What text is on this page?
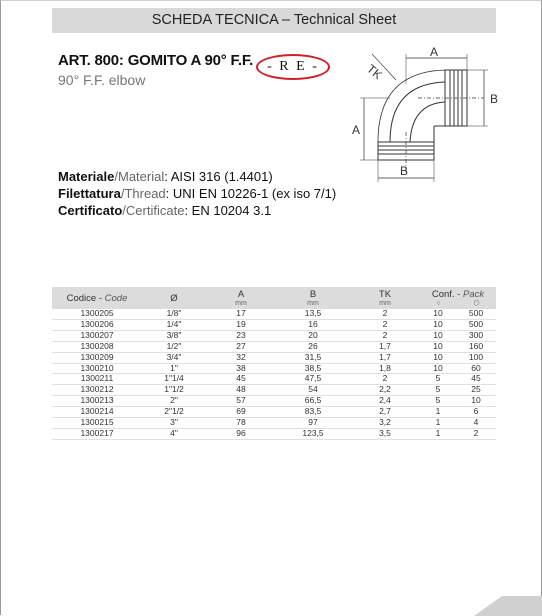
SCHEDA TECNICA – Technical Sheet
ART. 800: GOMITO A 90° F.F.
90° F.F. elbow
- R E -
A
B
A
B
TK
Materiale/Material: AISI 316 (1.4401)
Filettatura/Thread: UNI EN 10226-1 (ex iso 7/1)
Certificato/Certificate: EN 10204 3.1
Codice - Code	Ø	A
mm	B
mm	TK
mm	Conf. - Pack
○ ⬡	

1300205	1/8"	17	13,5	2	10	500
1300206	1/4"	19	16	2	10	500
1300207	3/8"	23	20	2	10	300
1300208	1/2"	27	26	1,7	10	160
1300209	3/4"	32	31,5	1,7	10	100
1300210	1"	38	38,5	1,8	10	60
1300211	1"1/4	45	47,5	2	5	45
1300212	1"1/2	48	54	2,2	5	25
1300213	2"	57	66,5	2,4	5	10
1300214	2"1/2	69	83,5	2,7	1	6
1300215	3"	78	97	3,2	1	4
1300217	4"	96	123,5	3,5	1	2
